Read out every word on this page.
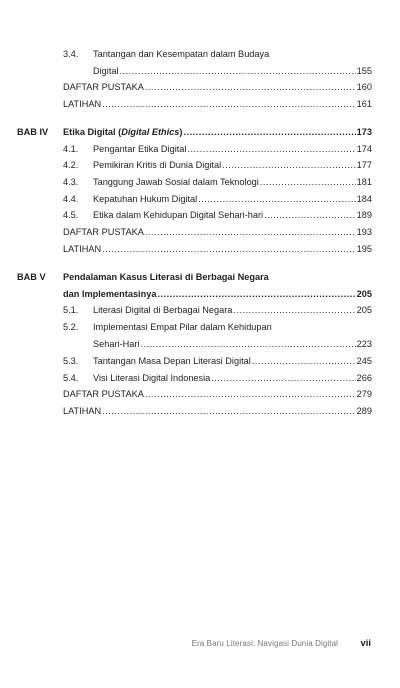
3.4.	Tantangan dan Kesempatan dalam Budaya
Digital .....	155
DAFTAR PUSTAKA .....	160
LATIHAN .....	161
BAB IV Etika Digital (Digital Ethics) .....	173
4.1.	Pengantar Etika Digital .....	174
4.2.	Pemikiran Kritis di Dunia Digital .....	177
4.3.	Tanggung Jawab Sosial dalam Teknologi .....	181
4.4.	Kepatuhan Hukum Digital .....	184
4.5.	Etika dalam Kehidupan Digital Sehari-hari .....	189
DAFTAR PUSTAKA .....	193
LATIHAN .....	195
BAB V Pendalaman Kasus Literasi di Berbagai Negara
dan Implementasinya .....	205
5.1.	Literasi Digital di Berbagai Negara .....	205
5.2.	Implementasi Empat Pilar dalam Kehidupan
Sehari-Hari .....	223
5.3.	Tantangan Masa Depan Literasi Digital .....	245
5.4.	Visi Literasi Digital Indonesia .....	266
DAFTAR PUSTAKA .....	279
LATIHAN .....	289
Era Baru Literasi: Navigasi Dunia Digital vii
